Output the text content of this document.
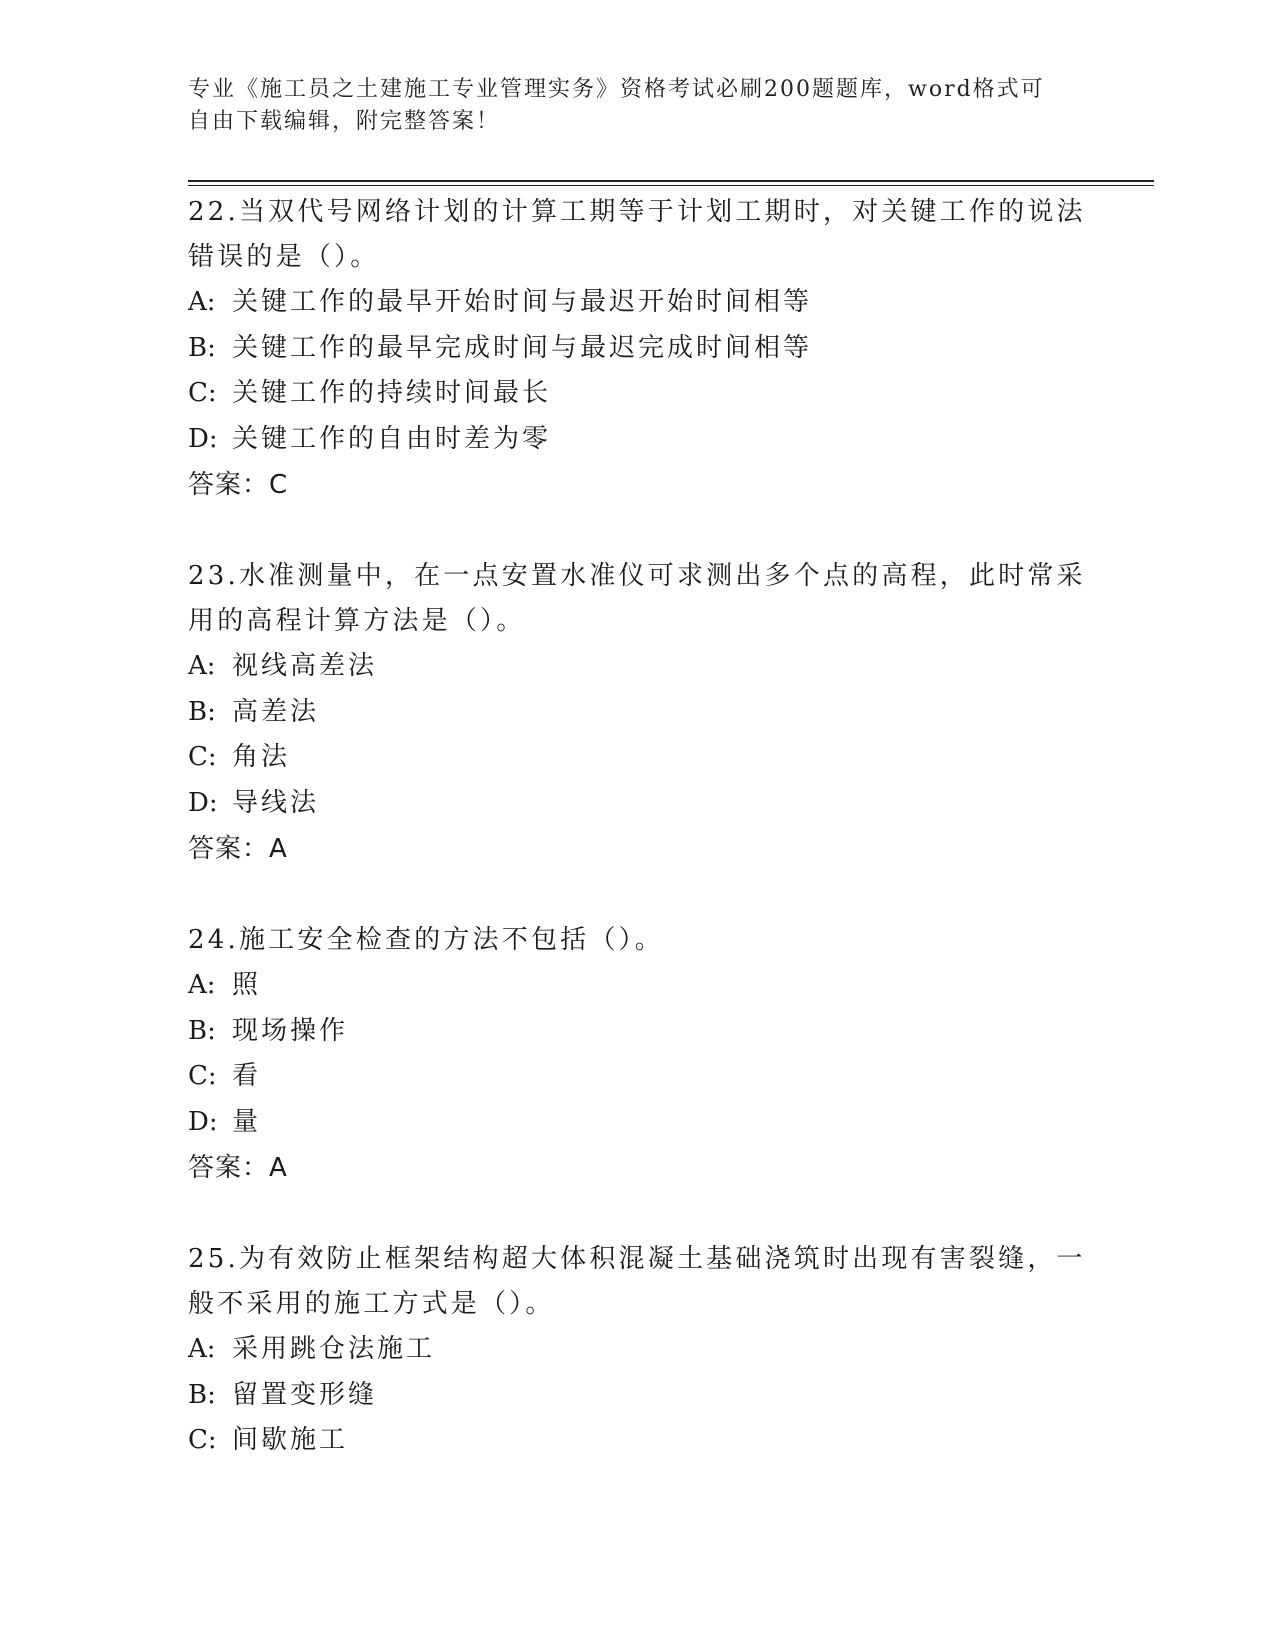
专业《施工员之土建施工专业管理实务》资格考试必刷200题题库，word格式可
自由下载编辑，附完整答案！

22.当双代号网络计划的计算工期等于计划工期时，对关键工作的说法错误的是（）。

A: 关键工作的最早开始时间与最迟开始时间相等

B: 关键工作的最早完成时间与最迟完成时间相等

C: 关键工作的持续时间最长

D: 关键工作的自由时差为零

答案：C

23.水准测量中，在一点安置水准仪可求测出多个点的高程，此时常采用的高程计算方法是（）。

A: 视线高差法

B: 高差法

C: 角法

D: 导线法

答案：A

24.施工安全检查的方法不包括（）。

A: 照

B: 现场操作

C: 看

D: 量

答案：A

25.为有效防止框架结构超大体积混凝土基础浇筑时出现有害裂缝，一般不采用的施工方式是（）。

A: 采用跳仓法施工

B: 留置变形缝

C: 间歇施工
